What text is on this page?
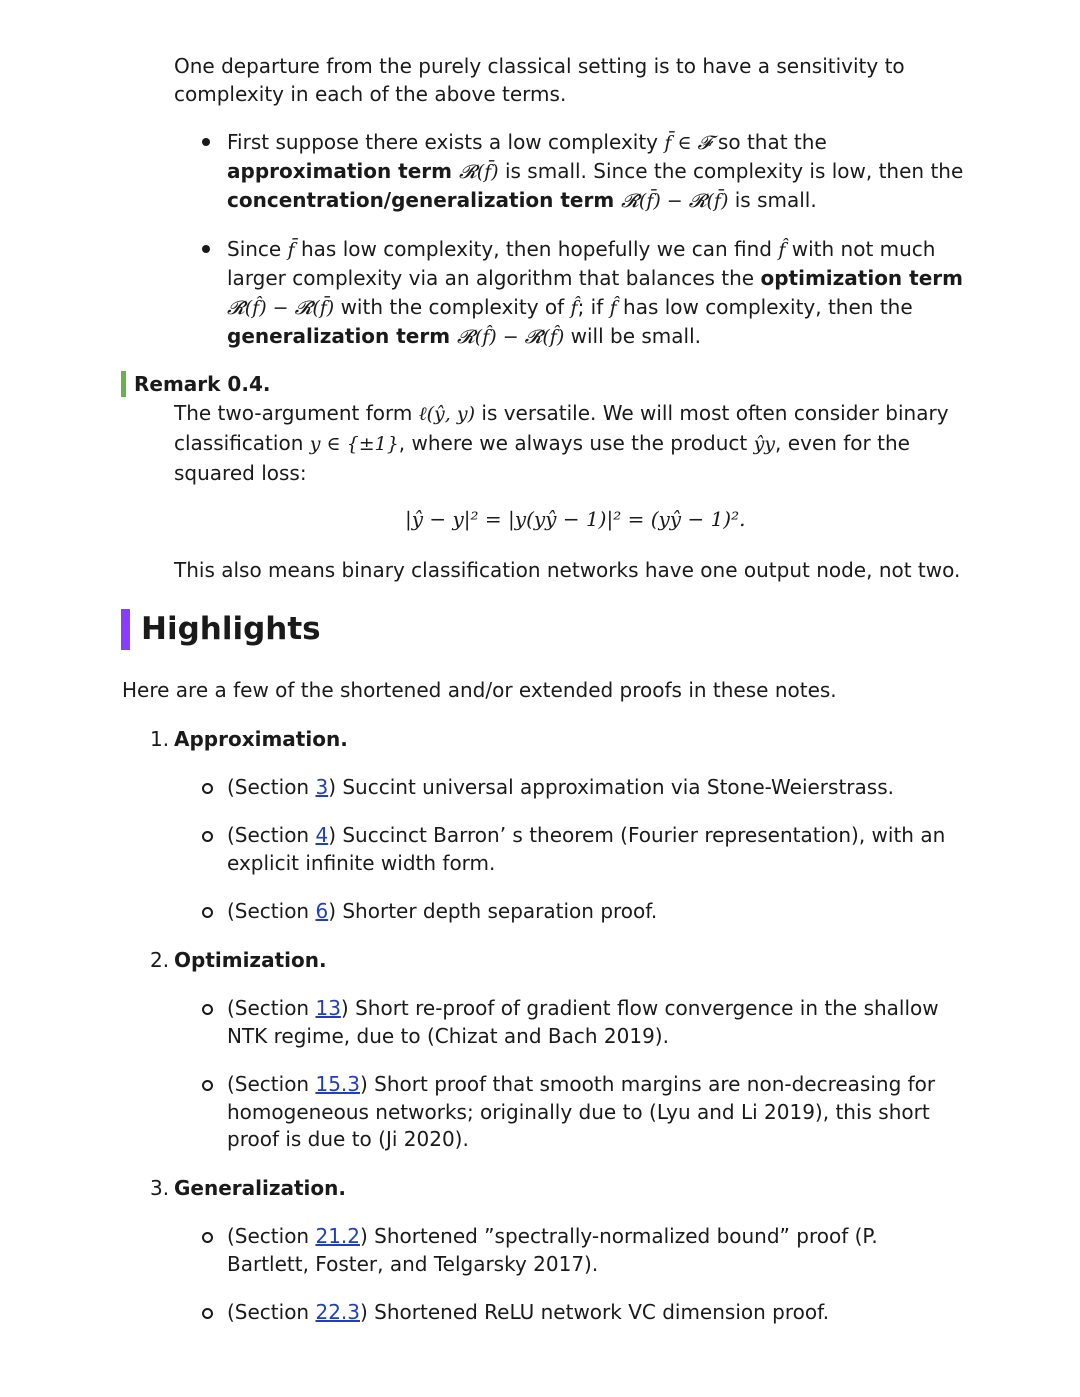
One departure from the purely classical setting is to have a sensitivity to
complexity in each of the above terms.
First suppose there exists a low complexity f̄ ∈ 𝓕 so that the
approximation term 𝓡(f̄) is small. Since the complexity is low, then the
concentration/generalization term 𝓡̂(f̄) − 𝓡(f̄) is small.
Since f̄ has low complexity, then hopefully we can find f̂ with not much
larger complexity via an algorithm that balances the optimization term
𝓡̂(f̂) − 𝓡̂(f̄) with the complexity of f̂; if f̂ has low complexity, then the
generalization term 𝓡(f̂) − 𝓡̂(f̂) will be small.
Remark 0.4.
The two-argument form ℓ(ŷ, y) is versatile. We will most often consider binary
classification y ∈ {±1}, where we always use the product ŷy, even for the
squared loss:
|ŷ − y|² = |y(yŷ − 1)|² = (yŷ − 1)².
This also means binary classification networks have one output node, not two.
Highlights
Here are a few of the shortened and/or extended proofs in these notes.
1. Approximation.
(Section 3) Succint universal approximation via Stone-Weierstrass.
(Section 4) Succinct Barron’ s theorem (Fourier representation), with an
explicit infinite width form.
(Section 6) Shorter depth separation proof.
2. Optimization.
(Section 13) Short re-proof of gradient flow convergence in the shallow
NTK regime, due to (Chizat and Bach 2019).
(Section 15.3) Short proof that smooth margins are non-decreasing for
homogeneous networks; originally due to (Lyu and Li 2019), this short
proof is due to (Ji 2020).
3. Generalization.
(Section 21.2) Shortened ”spectrally-normalized bound” proof (P.
Bartlett, Foster, and Telgarsky 2017).
(Section 22.3) Shortened ReLU network VC dimension proof.
